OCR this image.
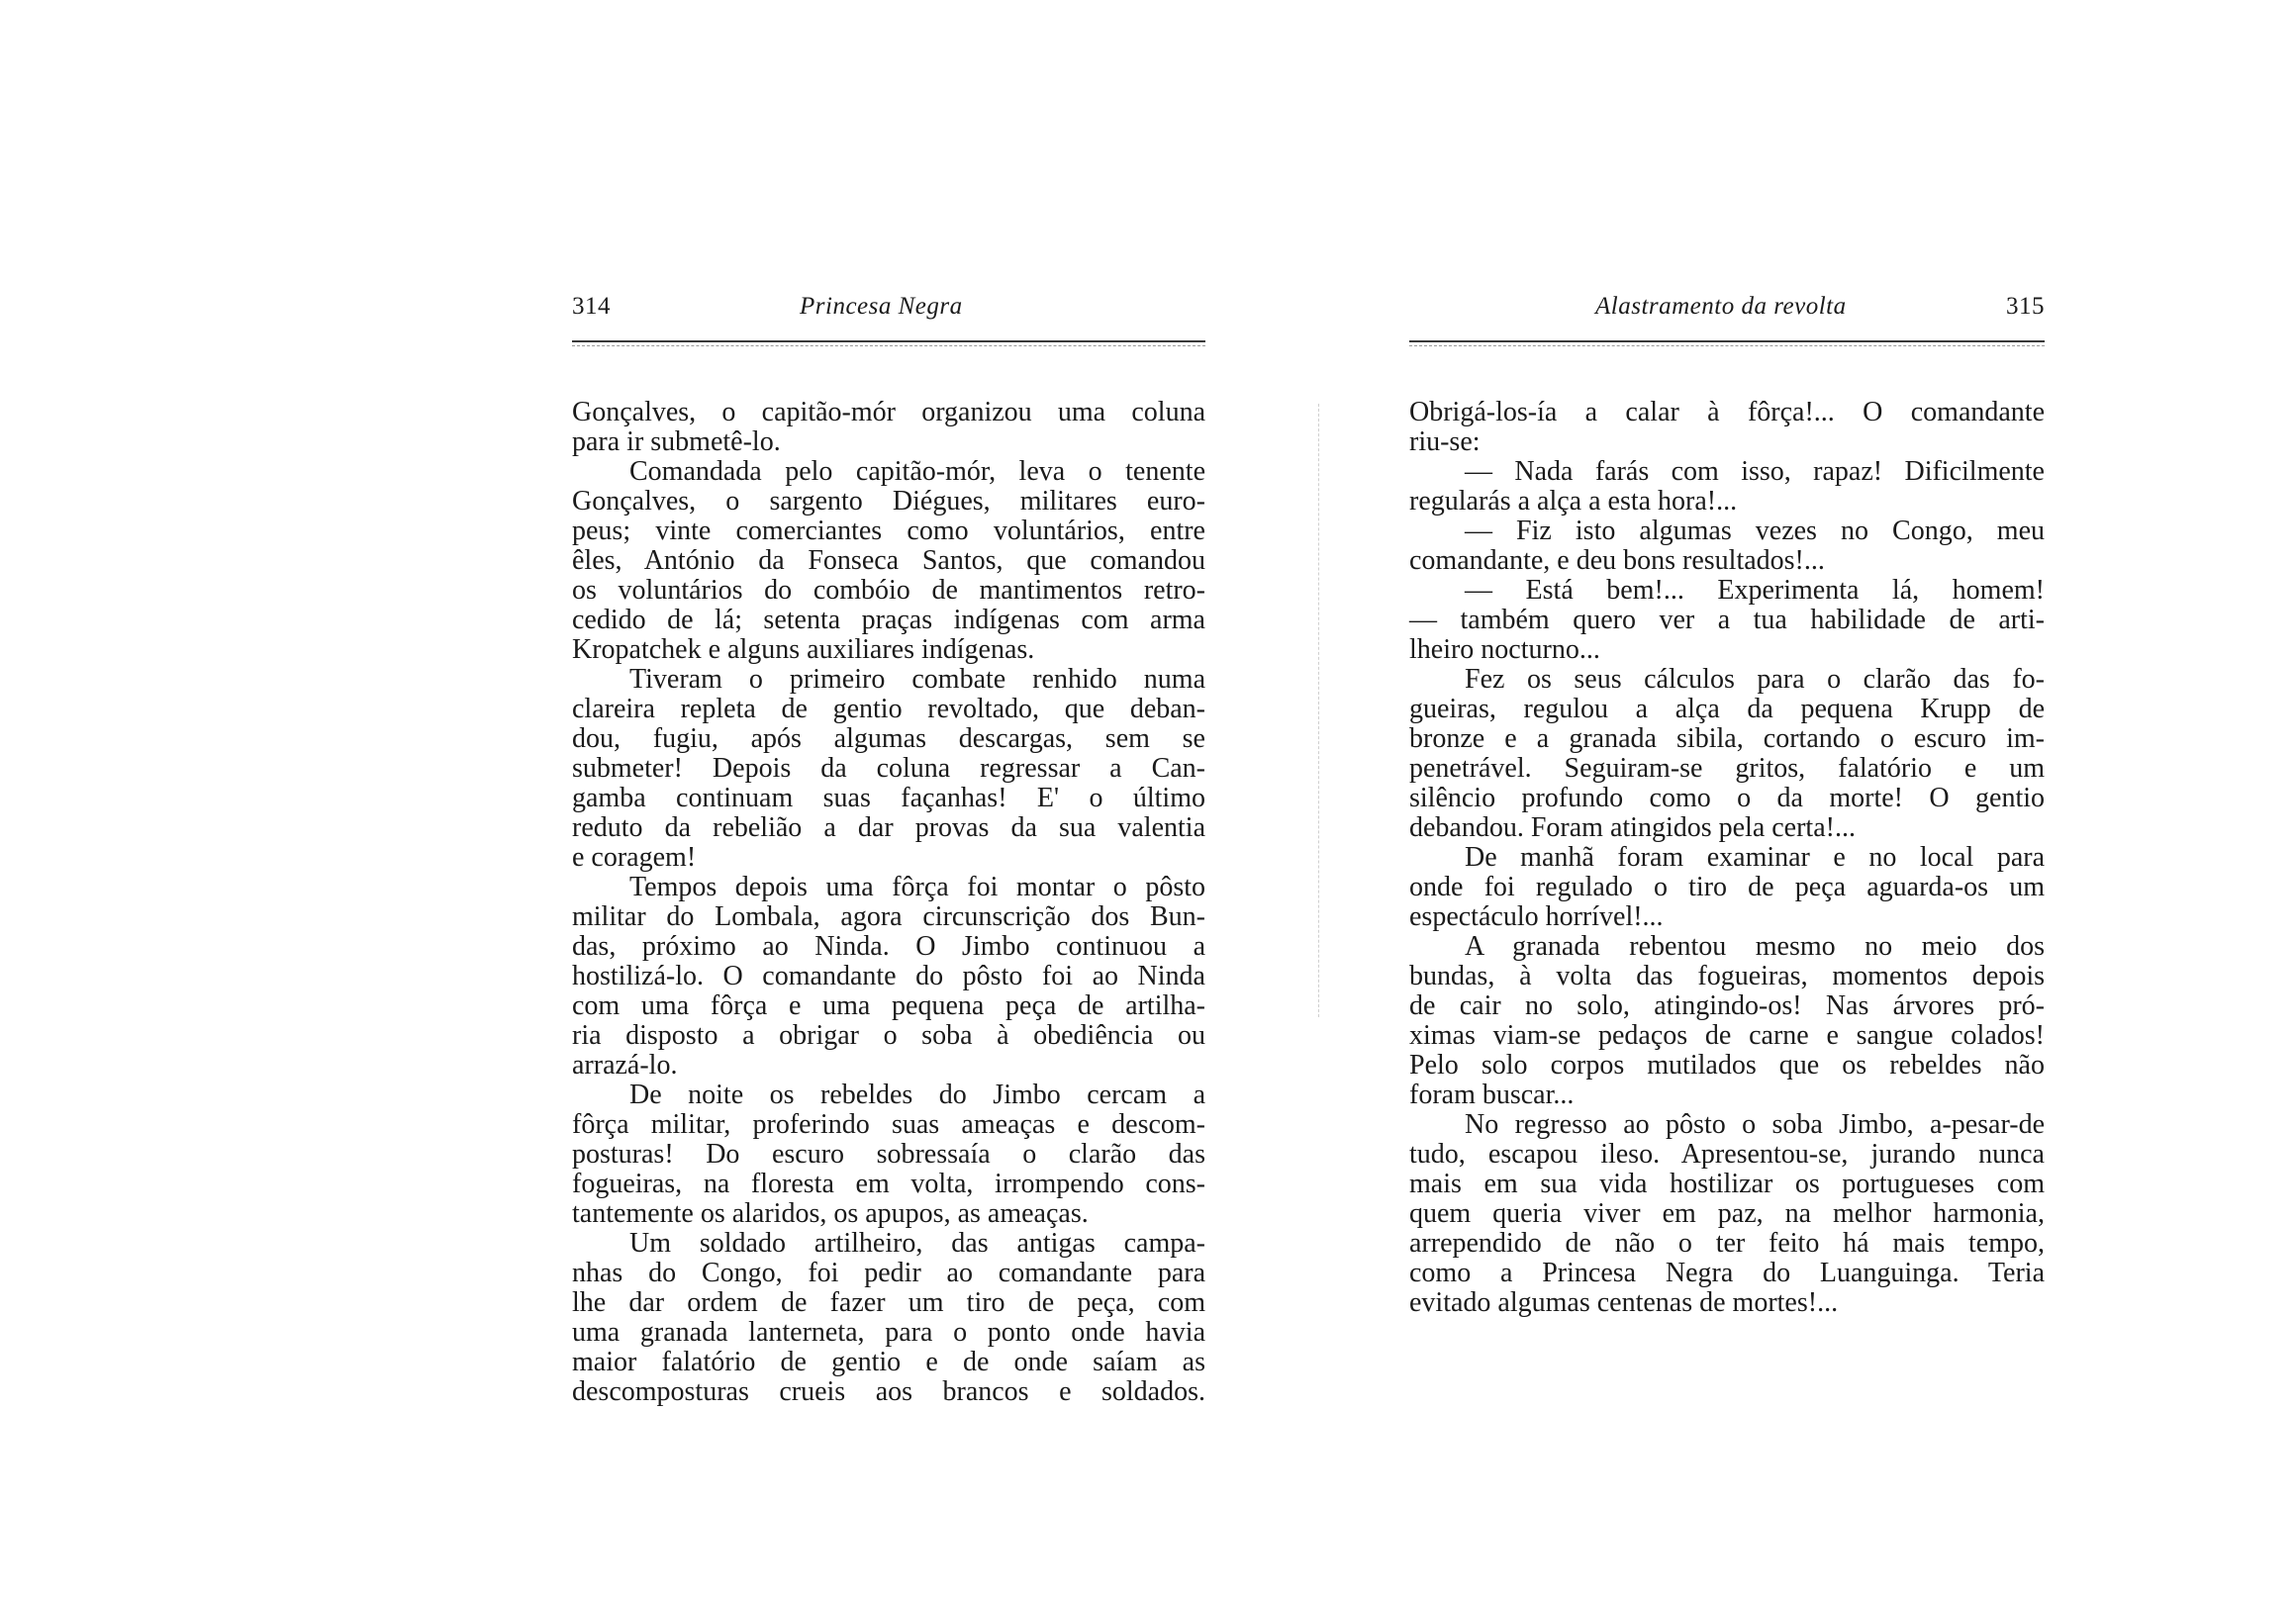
314	Princesa Negra
Gonçalves, o capitão-mór organizou uma coluna
para ir submetê-lo.
Comandada pelo capitão-mór, leva o tenente
Gonçalves, o sargento Diégues, militares euro-
peus; vinte comerciantes como voluntários, entre
êles, António da Fonseca Santos, que comandou
os voluntários do combóio de mantimentos retro-
cedido de lá; setenta praças indígenas com arma
Kropatchek e alguns auxiliares indígenas.
Tiveram o primeiro combate renhido numa
clareira repleta de gentio revoltado, que deban-
dou, fugiu, após algumas descargas, sem se
submeter! Depois da coluna regressar a Can-
gamba continuam suas façanhas! E' o último
reduto da rebelião a dar provas da sua valentia
e coragem!
Tempos depois uma fôrça foi montar o pôsto
militar do Lombala, agora circunscrição dos Bun-
das, próximo ao Ninda. O Jimbo continuou a
hostilizá-lo. O comandante do pôsto foi ao Ninda
com uma fôrça e uma pequena peça de artilha-
ria disposto a obrigar o soba à obediência ou
arrazá-lo.
De noite os rebeldes do Jimbo cercam a
fôrça militar, proferindo suas ameaças e descom-
posturas! Do escuro sobressaía o clarão das
fogueiras, na floresta em volta, irrompendo cons-
tantemente os alaridos, os apupos, as ameaças.
Um soldado artilheiro, das antigas campa-
nhas do Congo, foi pedir ao comandante para
lhe dar ordem de fazer um tiro de peça, com
uma granada lanterneta, para o ponto onde havia
maior falatório de gentio e de onde saíam as
descomposturas crueis aos brancos e soldados.
Alastramento da revolta	315
Obrigá-los-ía a calar à fôrça!... O comandante
riu-se:
— Nada farás com isso, rapaz! Dificilmente
regularás a alça a esta hora!...
— Fiz isto algumas vezes no Congo, meu
comandante, e deu bons resultados!...
— Está bem!... Experimenta lá, homem!
— também quero ver a tua habilidade de arti-
lheiro nocturno...
Fez os seus cálculos para o clarão das fo-
gueiras, regulou a alça da pequena Krupp de
bronze e a granada sibila, cortando o escuro im-
penetrável. Seguiram-se gritos, falatório e um
silêncio profundo como o da morte! O gentio
debandou. Foram atingidos pela certa!...
De manhã foram examinar e no local para
onde foi regulado o tiro de peça aguarda-os um
espectáculo horrível!...
A granada rebentou mesmo no meio dos
bundas, à volta das fogueiras, momentos depois
de cair no solo, atingindo-os! Nas árvores pró-
ximas viam-se pedaços de carne e sangue colados!
Pelo solo corpos mutilados que os rebeldes não
foram buscar...
No regresso ao pôsto o soba Jimbo, a-pesar-de
tudo, escapou ileso. Apresentou-se, jurando nunca
mais em sua vida hostilizar os portugueses com
quem queria viver em paz, na melhor harmonia,
arrependido de não o ter feito há mais tempo,
como a Princesa Negra do Luanguinga. Teria
evitado algumas centenas de mortes!...
